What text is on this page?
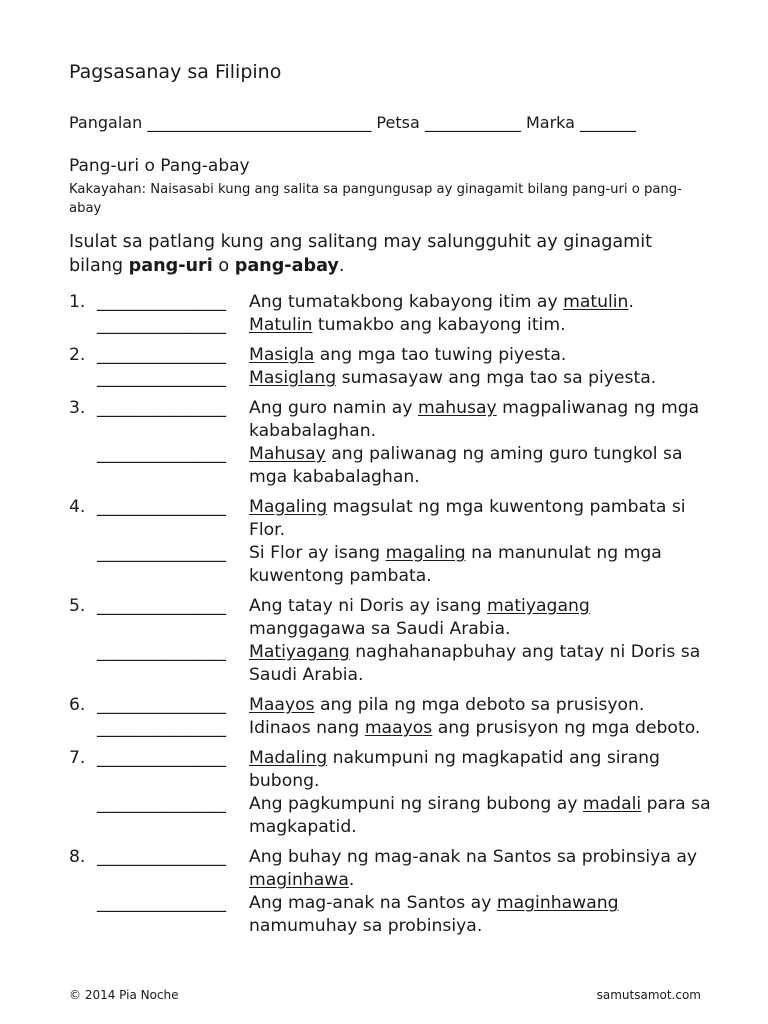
Pagsasanay sa Filipino
Pangalan ____________________________ Petsa ____________ Marka _______
Pang-uri o Pang-abay
Kakayahan: Naisasabi kung ang salita sa pangungusap ay ginagamit bilang pang-uri o pang-abay
Isulat sa patlang kung ang salitang may salungguhit ay ginagamit bilang pang-uri o pang-abay.
1. _______________	Ang tumatakbong kabayong itim ay matulin.
_______________	Matulin tumakbo ang kabayong itim.
2. _______________	Masigla ang mga tao tuwing piyesta.
_______________	Masiglang sumasayaw ang mga tao sa piyesta.
3. _______________	Ang guro namin ay mahusay magpaliwanag ng mga kababalaghan.
_______________	Mahusay ang paliwanag ng aming guro tungkol sa mga kababalaghan.
4. _______________	Magaling magsulat ng mga kuwentong pambata si Flor.
_______________	Si Flor ay isang magaling na manunulat ng mga kuwentong pambata.
5. _______________	Ang tatay ni Doris ay isang matiyagang manggagawa sa Saudi Arabia.
_______________	Matiyagang naghahanapbuhay ang tatay ni Doris sa Saudi Arabia.
6. _______________	Maayos ang pila ng mga deboto sa prusisyon.
_______________	Idinaos nang maayos ang prusisyon ng mga deboto.
7. _______________	Madaling nakumpuni ng magkapatid ang sirang bubong.
_______________	Ang pagkumpuni ng sirang bubong ay madali para sa magkapatid.
8. _______________	Ang buhay ng mag-anak na Santos sa probinsiya ay maginhawa.
_______________	Ang mag-anak na Santos ay maginhawang namumuhay sa probinsiya.
© 2014 Pia Noche	samutsamot.com
